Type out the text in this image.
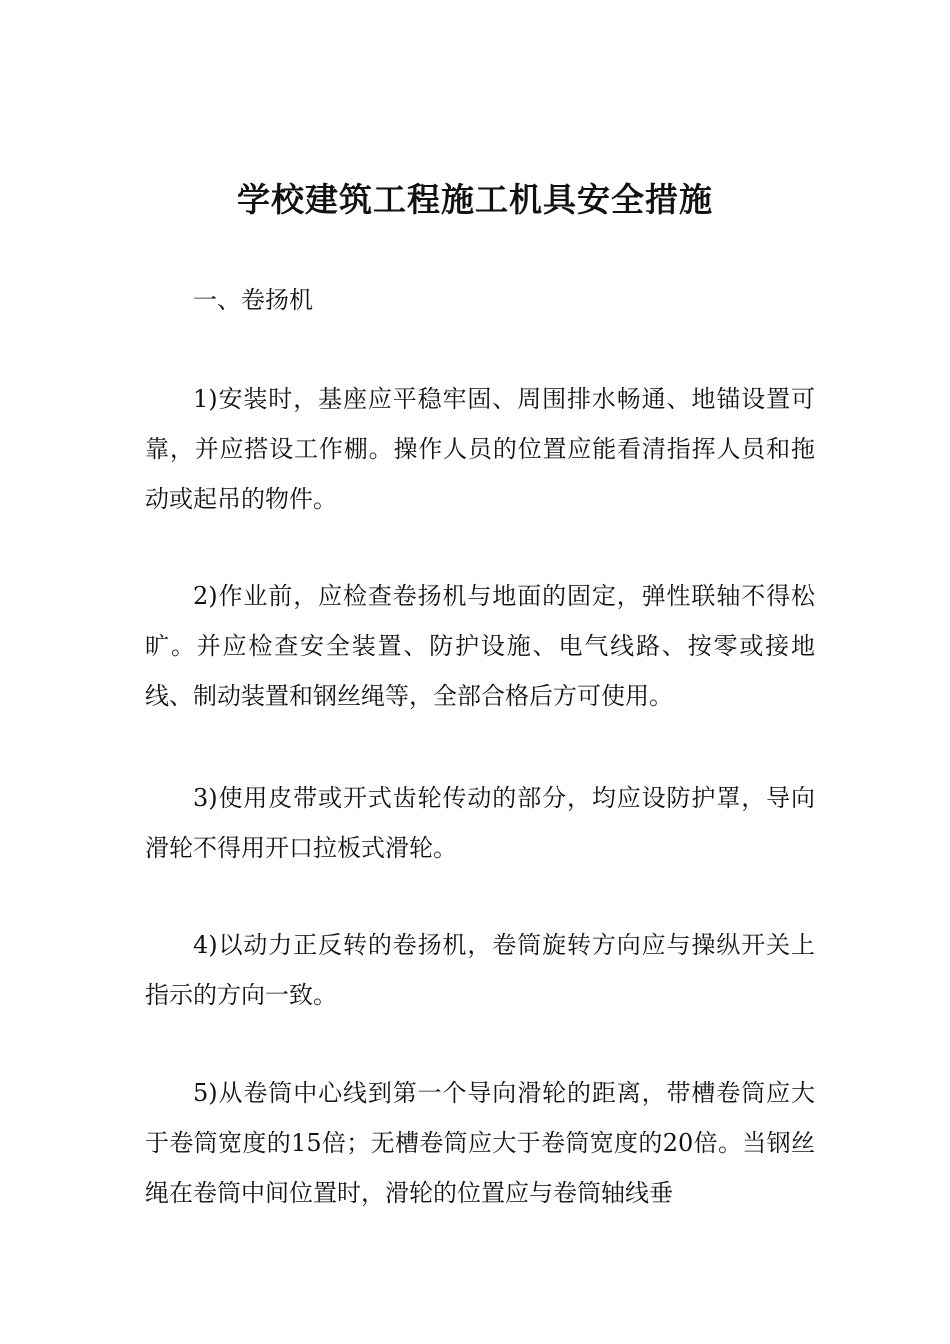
学校建筑工程施工机具安全措施

一、卷扬机

1)安装时，基座应平稳牢固、周围排水畅通、地锚设置可靠，并应搭设工作棚。操作人员的位置应能看清指挥人员和拖动或起吊的物件。

2)作业前，应检查卷扬机与地面的固定，弹性联轴不得松旷。并应检查安全装置、防护设施、电气线路、按零或接地线、制动装置和钢丝绳等，全部合格后方可使用。

3)使用皮带或开式齿轮传动的部分，均应设防护罩，导向滑轮不得用开口拉板式滑轮。

4)以动力正反转的卷扬机，卷筒旋转方向应与操纵开关上指示的方向一致。

5)从卷筒中心线到第一个导向滑轮的距离，带槽卷筒应大于卷筒宽度的15倍；无槽卷筒应大于卷筒宽度的20倍。当钢丝绳在卷筒中间位置时，滑轮的位置应与卷筒轴线垂
